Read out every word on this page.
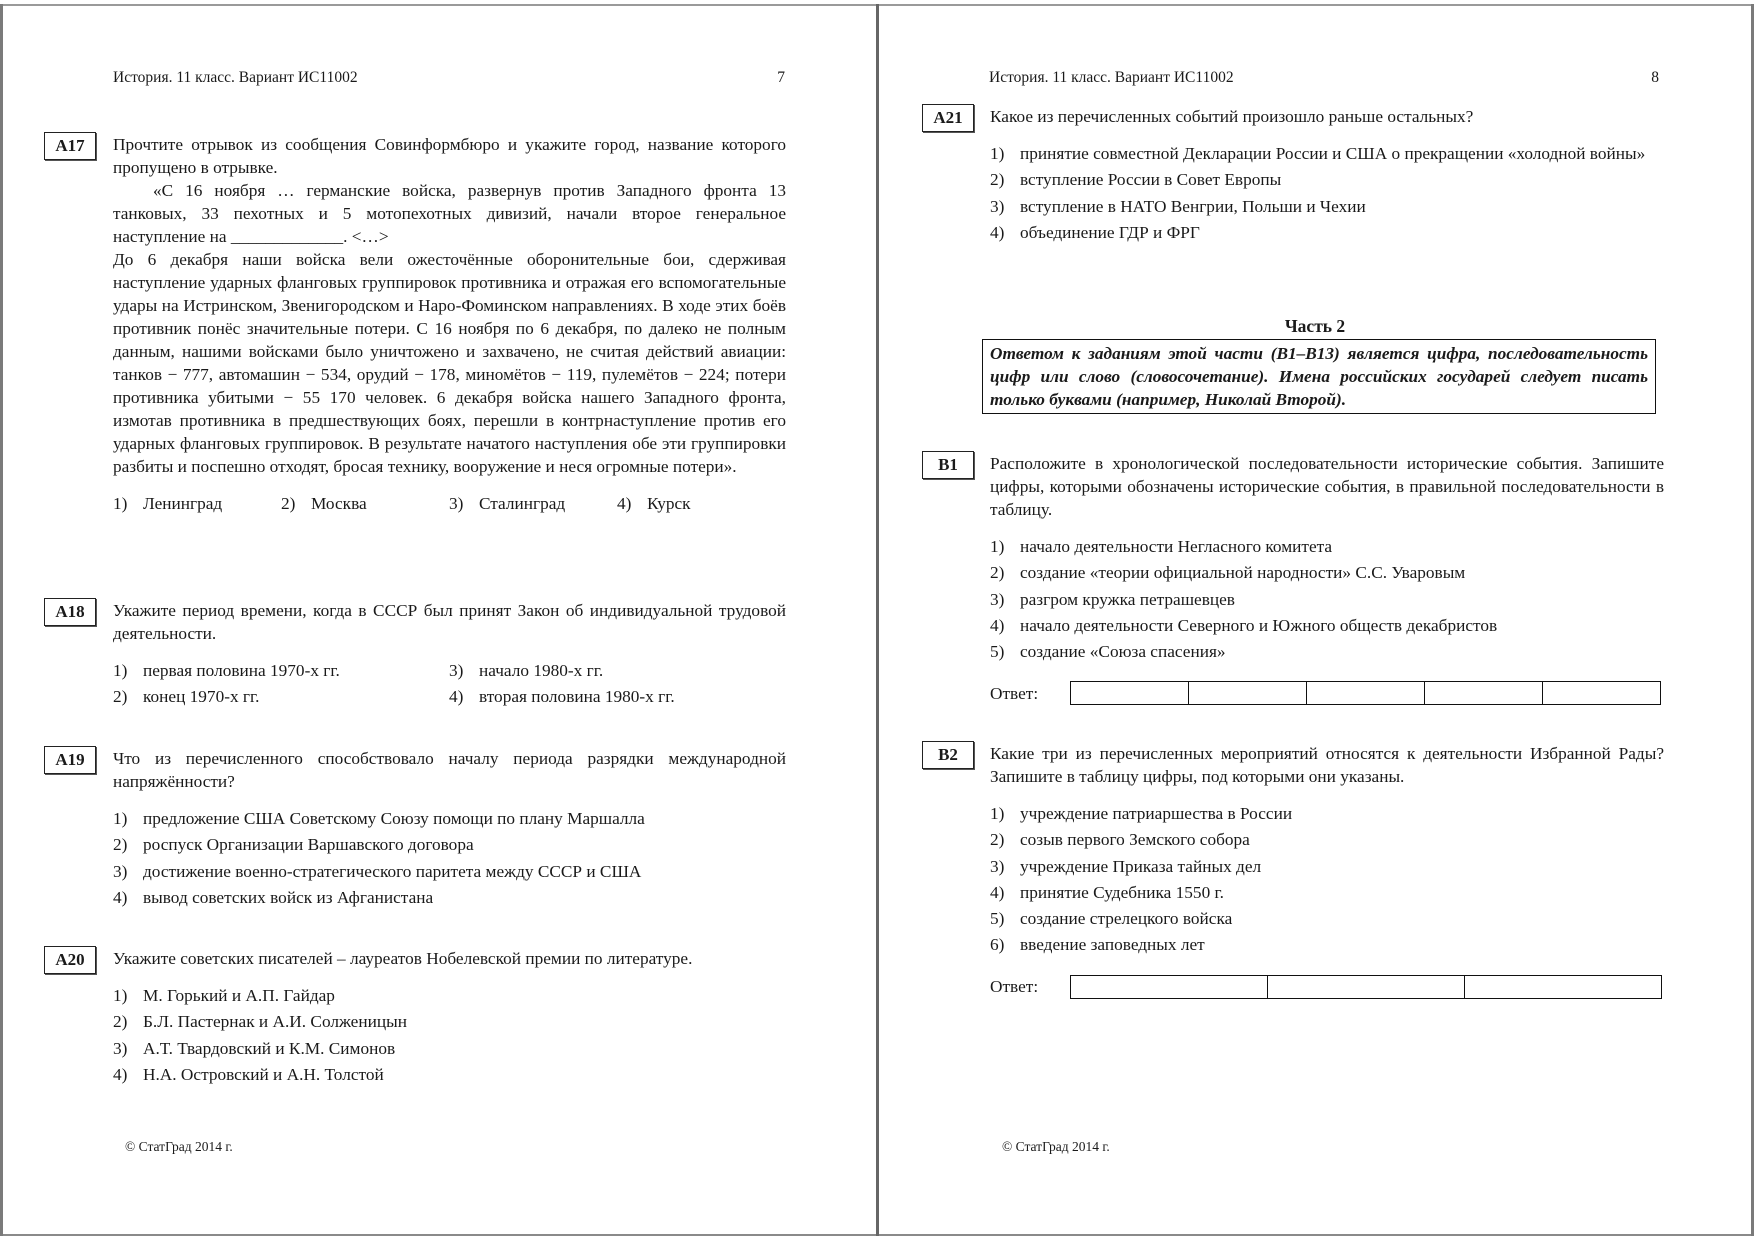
История. 11 класс. Вариант ИС11002	7
А17	Прочтите отрывок из сообщения Совинформбюро и укажите город, название которого пропущено в отрывке.

«С 16 ноября … германские войска, развернув против Западного фронта 13 танковых, 33 пехотных и 5 мотопехотных дивизий, начали второе генеральное наступление на _____________. <…>

До 6 декабря наши войска вели ожесточённые оборонительные бои, сдерживая наступление ударных фланговых группировок противника и отражая его вспомогательные удары на Истринском, Звенигородском и Наро-Фоминском направлениях. В ходе этих боёв противник понёс значительные потери. С 16 ноября по 6 декабря, по далеко не полным данным, нашими войсками было уничтожено и захвачено, не считая действий авиации: танков − 777, автомашин − 534, орудий − 178, миномётов − 119, пулемётов − 224; потери противника убитыми − 55 170 человек. 6 декабря войска нашего Западного фронта, измотав противника в предшествующих боях, перешли в контрнаступление против его ударных фланговых группировок. В результате начатого наступления обе эти группировки разбиты и поспешно отходят, бросая технику, вооружение и неся огромные потери».

1) Ленинград	2) Москва	3) Сталинград	4) Курск
А18	Укажите период времени, когда в СССР был принят Закон об индивидуальной трудовой деятельности.

1) первая половина 1970-х гг.	3) начало 1980-х гг.
2) конец 1970-х гг.	4) вторая половина 1980-х гг.
А19	Что из перечисленного способствовало началу периода разрядки международной напряжённости?

1) предложение США Советскому Союзу помощи по плану Маршалла
2) роспуск Организации Варшавского договора
3) достижение военно-стратегического паритета между СССР и США
4) вывод советских войск из Афганистана
А20	Укажите советских писателей – лауреатов Нобелевской премии по литературе.

1) М. Горький и А.П. Гайдар
2) Б.Л. Пастернак и А.И. Солженицын
3) А.Т. Твардовский и К.М. Симонов
4) Н.А. Островский и А.Н. Толстой
© СтатГрад 2014 г.
История. 11 класс. Вариант ИС11002	8
А21	Какое из перечисленных событий произошло раньше остальных?

1) принятие совместной Декларации России и США о прекращении «холодной войны»
2) вступление России в Совет Европы
3) вступление в НАТО Венгрии, Польши и Чехии
4) объединение ГДР и ФРГ
Часть 2
Ответом к заданиям этой части (В1–В13) является цифра, последовательность цифр или слово (словосочетание). Имена российских государей следует писать только буквами (например, Николай Второй).
В1	Расположите в хронологической последовательности исторические события. Запишите цифры, которыми обозначены исторические события, в правильной последовательности в таблицу.

1) начало деятельности Негласного комитета
2) создание «теории официальной народности» С.С. Уваровым
3) разгром кружка петрашевцев
4) начало деятельности Северного и Южного обществ декабристов
5) создание «Союза спасения»
Ответ:
В2	Какие три из перечисленных мероприятий относятся к деятельности Избранной Рады? Запишите в таблицу цифры, под которыми они указаны.

1) учреждение патриаршества в России
2) созыв первого Земского собора
3) учреждение Приказа тайных дел
4) принятие Судебника 1550 г.
5) создание стрелецкого войска
6) введение заповедных лет
Ответ:
© СтатГрад 2014 г.
